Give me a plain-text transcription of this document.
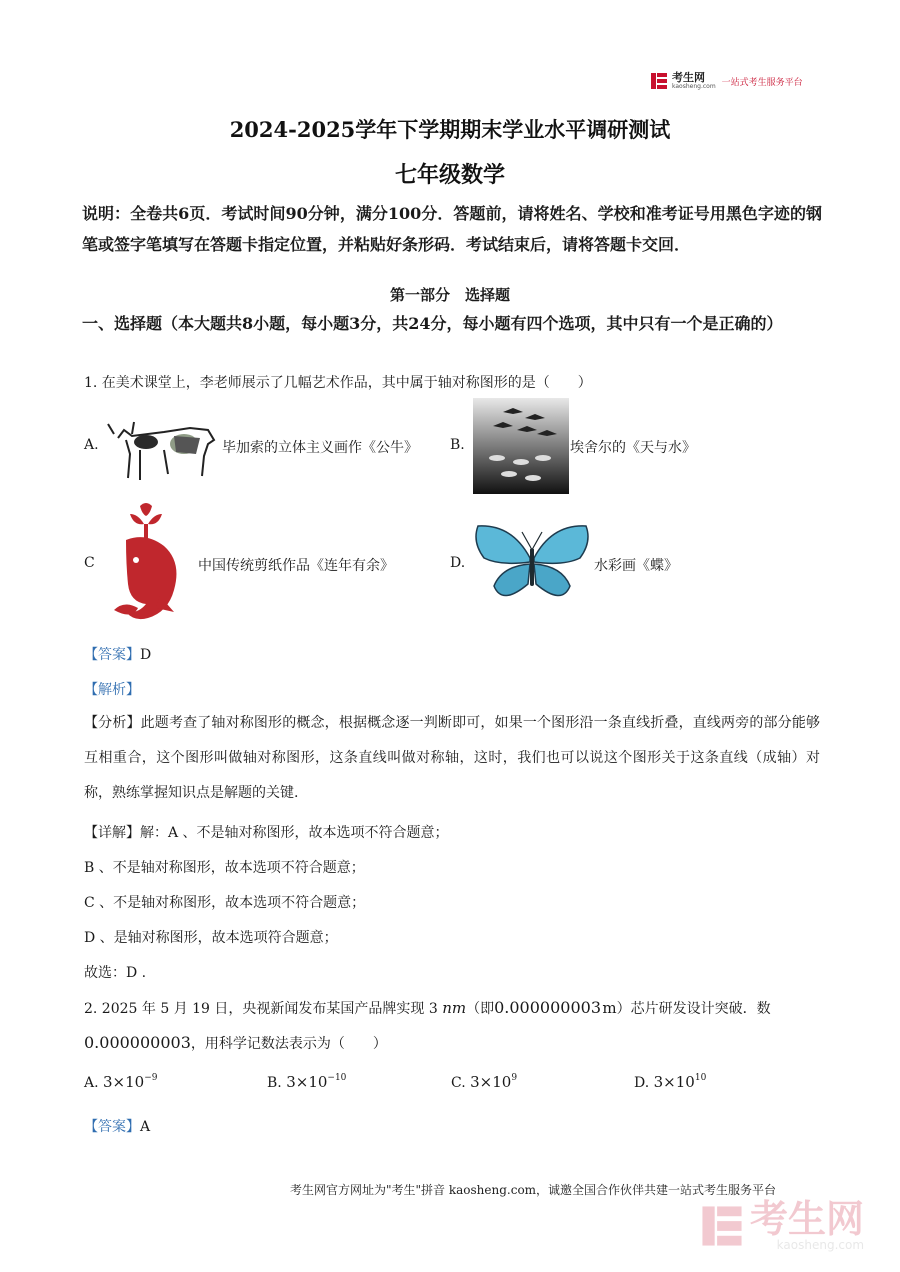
考生网
kaosheng.com 一站式考生服务平台
2024-2025学年下学期期末学业水平调研测试
七年级数学
说明：全卷共6页．考试时间90分钟，满分100分．答题前，请将姓名、学校和准考证号用黑色字迹的钢笔或签字笔填写在答题卡指定位置，并粘贴好条形码．考试结束后，请将答题卡交回．
第一部分　选择题
一、选择题（本大题共8小题，每小题3分，共24分，每小题有四个选项，其中只有一个是正确的）
1. 在美术课堂上，李老师展示了几幅艺术作品，其中属于轴对称图形的是（　　）
A.	毕加索的立体主义画作《公牛》 B.	埃舍尔的《天与水》
C	中国传统剪纸作品《连年有余》	D.	水彩画《蝶》
【答案】D
【解析】
【分析】此题考查了轴对称图形的概念，根据概念逐一判断即可，如果一个图形沿一条直线折叠，直线两旁的部分能够互相重合，这个图形叫做轴对称图形，这条直线叫做对称轴，这时，我们也可以说这个图形关于这条直线（成轴）对称，熟练掌握知识点是解题的关键.
【详解】解：A 、不是轴对称图形，故本选项不符合题意；
B 、不是轴对称图形，故本选项不符合题意；
C 、不是轴对称图形，故本选项不符合题意；
D 、是轴对称图形，故本选项符合题意；
故选：D .
2. 2025 年 5 月 19 日，央视新闻发布某国产品牌实现 3 nm（即0.000000003 m）芯片研发设计突破．数
0.000000003，用科学记数法表示为（　　）
A. $3\times 10^{-9}$	B. $3\times 10^{-10}$	C. $3\times 10^9$	D. $3\times 10^{10}$
【答案】A
考生网官方网址为"考生"拼音 kaosheng.com，诚邀全国合作伙伴共建一站式考生服务平台
考生网
kaosheng.com
